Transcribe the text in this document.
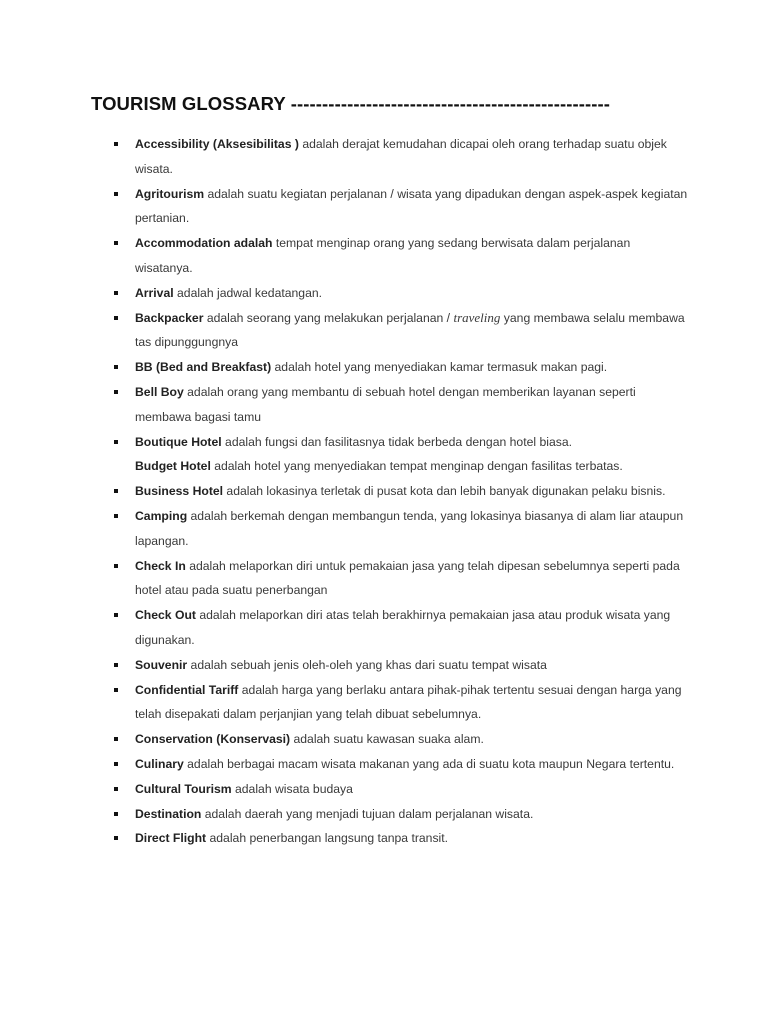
TOURISM GLOSSARY ---------------------------------------------------
Accessibility (Aksesibilitas ) adalah derajat kemudahan dicapai oleh orang terhadap suatu objek wisata.
Agritourism adalah suatu kegiatan perjalanan / wisata yang dipadukan dengan aspek-aspek kegiatan pertanian.
Accommodation adalah tempat menginap orang yang sedang berwisata dalam perjalanan wisatanya.
Arrival adalah jadwal kedatangan.
Backpacker adalah seorang yang melakukan perjalanan / traveling yang membawa selalu membawa tas dipunggungnya
BB (Bed and Breakfast) adalah hotel yang menyediakan kamar termasuk makan pagi.
Bell Boy adalah orang yang membantu di sebuah hotel dengan memberikan layanan seperti membawa bagasi tamu
Boutique Hotel adalah fungsi dan fasilitasnya tidak berbeda dengan hotel biasa.
Budget Hotel adalah hotel yang menyediakan tempat menginap dengan fasilitas terbatas.
Business Hotel adalah lokasinya terletak di pusat kota dan lebih banyak digunakan pelaku bisnis.
Camping adalah berkemah dengan membangun tenda, yang lokasinya biasanya di alam liar ataupun lapangan.
Check In adalah melaporkan diri untuk pemakaian jasa yang telah dipesan sebelumnya seperti pada hotel atau pada suatu penerbangan
Check Out adalah melaporkan diri atas telah berakhirnya pemakaian jasa atau produk wisata yang digunakan.
Souvenir adalah sebuah jenis oleh-oleh yang khas dari suatu tempat wisata
Confidential Tariff adalah harga yang berlaku antara pihak-pihak tertentu sesuai dengan harga yang telah disepakati dalam perjanjian yang telah dibuat sebelumnya.
Conservation (Konservasi) adalah suatu kawasan suaka alam.
Culinary adalah berbagai macam wisata makanan yang ada di suatu kota maupun Negara tertentu.
Cultural Tourism adalah wisata budaya
Destination adalah daerah yang menjadi tujuan dalam perjalanan wisata.
Direct Flight adalah penerbangan langsung tanpa transit.
